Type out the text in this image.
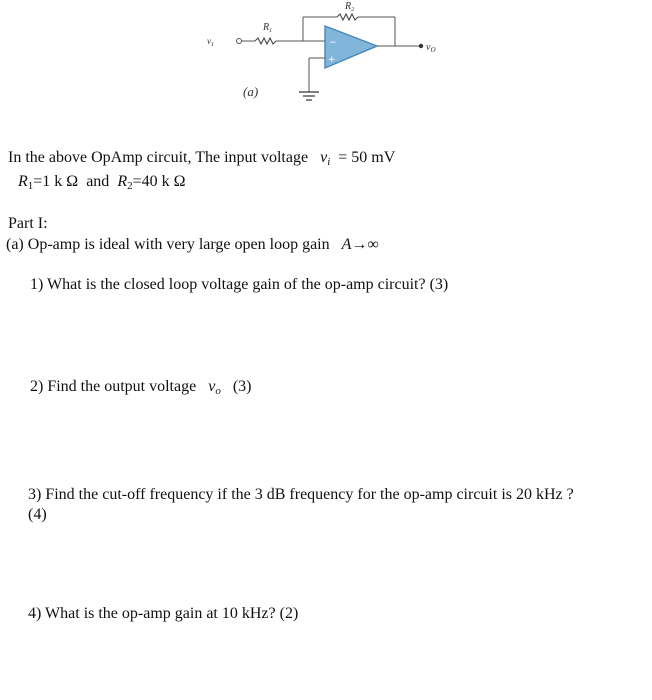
−
+
$v_1$
$R_1$
$R_2$
$v_O$
(a)
In the above OpAmp circuit, The input voltage $v_i = 50$ mV
$R_1=1$ k Ω and $R_2=40$ k Ω
Part I:
(a) Op-amp is ideal with very large open loop gain A→∞
1) What is the closed loop voltage gain of the op-amp circuit? (3)
2) Find the output voltage $v_o$ (3)
3) Find the cut-off frequency if the 3 dB frequency for the op-amp circuit is 20 kHz ?
(4)
4) What is the op-amp gain at 10 kHz? (2)
